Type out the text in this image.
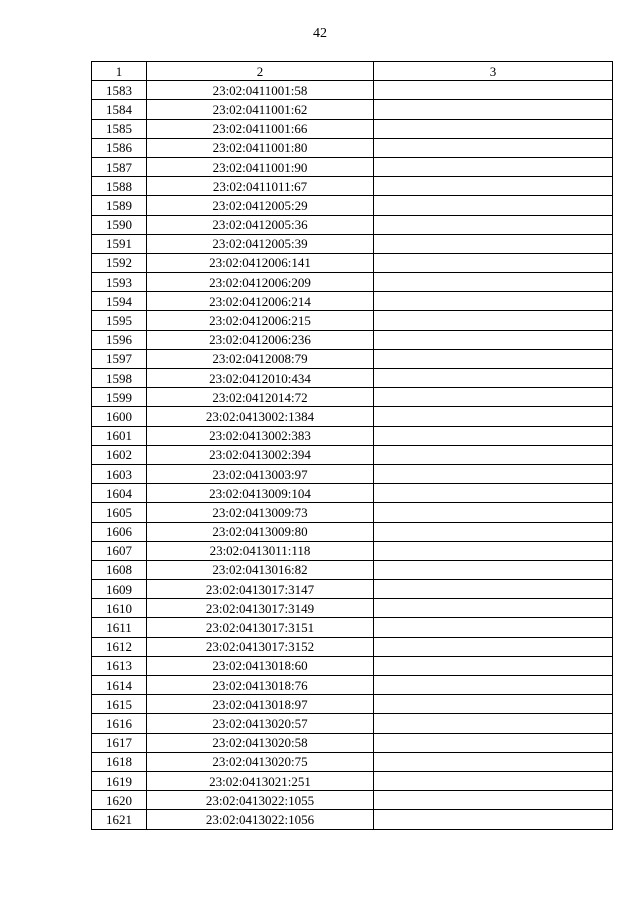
42
1	2	3
1583	23:02:0411001:58	
1584	23:02:0411001:62	
1585	23:02:0411001:66	
1586	23:02:0411001:80	
1587	23:02:0411001:90	
1588	23:02:0411011:67	
1589	23:02:0412005:29	
1590	23:02:0412005:36	
1591	23:02:0412005:39	
1592	23:02:0412006:141	
1593	23:02:0412006:209	
1594	23:02:0412006:214	
1595	23:02:0412006:215	
1596	23:02:0412006:236	
1597	23:02:0412008:79	
1598	23:02:0412010:434	
1599	23:02:0412014:72	
1600	23:02:0413002:1384	
1601	23:02:0413002:383	
1602	23:02:0413002:394	
1603	23:02:0413003:97	
1604	23:02:0413009:104	
1605	23:02:0413009:73	
1606	23:02:0413009:80	
1607	23:02:0413011:118	
1608	23:02:0413016:82	
1609	23:02:0413017:3147	
1610	23:02:0413017:3149	
1611	23:02:0413017:3151	
1612	23:02:0413017:3152	
1613	23:02:0413018:60	
1614	23:02:0413018:76	
1615	23:02:0413018:97	
1616	23:02:0413020:57	
1617	23:02:0413020:58	
1618	23:02:0413020:75	
1619	23:02:0413021:251	
1620	23:02:0413022:1055	
1621	23:02:0413022:1056	
